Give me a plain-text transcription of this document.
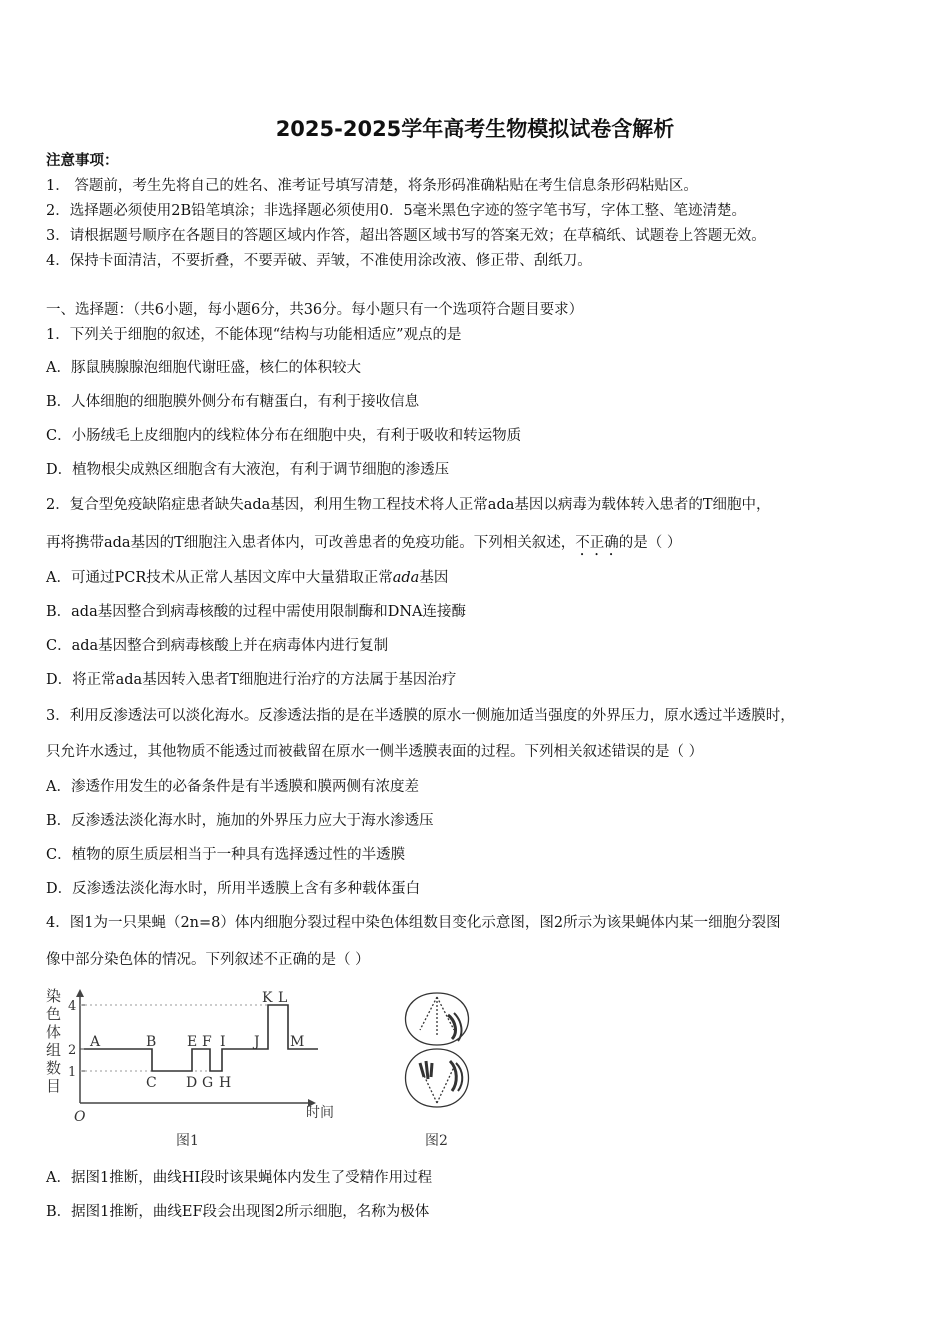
2025-2025学年高考生物模拟试卷含解析
注意事项：
1． 答题前，考生先将自己的姓名、准考证号填写清楚，将条形码准确粘贴在考生信息条形码粘贴区。
2．选择题必须使用2B铅笔填涂；非选择题必须使用0．5毫米黑色字迹的签字笔书写，字体工整、笔迹清楚。
3．请根据题号顺序在各题目的答题区域内作答，超出答题区域书写的答案无效；在草稿纸、试题卷上答题无效。
4．保持卡面清洁，不要折叠，不要弄破、弄皱，不准使用涂改液、修正带、刮纸刀。
一、选择题：（共6小题，每小题6分，共36分。每小题只有一个选项符合题目要求）
1．下列关于细胞的叙述，不能体现“结构与功能相适应”观点的是
A．豚鼠胰腺腺泡细胞代谢旺盛，核仁的体积较大
B．人体细胞的细胞膜外侧分布有糖蛋白，有利于接收信息
C．小肠绒毛上皮细胞内的线粒体分布在细胞中央，有利于吸收和转运物质
D．植物根尖成熟区细胞含有大液泡，有利于调节细胞的渗透压
2．复合型免疫缺陷症患者缺失ada基因，利用生物工程技术将人正常ada基因以病毒为载体转入患者的T细胞中，
再将携带ada基因的T细胞注入患者体内，可改善患者的免疫功能。下列相关叙述，不正确的是（ ）
A．可通过PCR技术从正常人基因文库中大量猎取正常ada基因
B．ada基因整合到病毒核酸的过程中需使用限制酶和DNA连接酶
C．ada基因整合到病毒核酸上并在病毒体内进行复制
D．将正常ada基因转入患者T细胞进行治疗的方法属于基因治疗
3．利用反渗透法可以淡化海水。反渗透法指的是在半透膜的原水一侧施加适当强度的外界压力，原水透过半透膜时，
只允许水透过，其他物质不能透过而被截留在原水一侧半透膜表面的过程。下列相关叙述错误的是（ ）
A．渗透作用发生的必备条件是有半透膜和膜两侧有浓度差
B．反渗透法淡化海水时，施加的外界压力应大于海水渗透压
C．植物的原生质层相当于一种具有选择透过性的半透膜
D．反渗透法淡化海水时，所用半透膜上含有多种载体蛋白
4．图1为一只果蝇（2n=8）体内细胞分裂过程中染色体组数目变化示意图，图2所示为该果蝇体内某一细胞分裂图
像中部分染色体的情况。下列叙述不正确的是（ ）
染色体组数目
4
2
1
A	B
C D
E F
G H
I J
K L
M
O	时间
图1	图2
A．据图1推断，曲线HI段时该果蝇体内发生了受精作用过程
B．据图1推断，曲线EF段会出现图2所示细胞，名称为极体
